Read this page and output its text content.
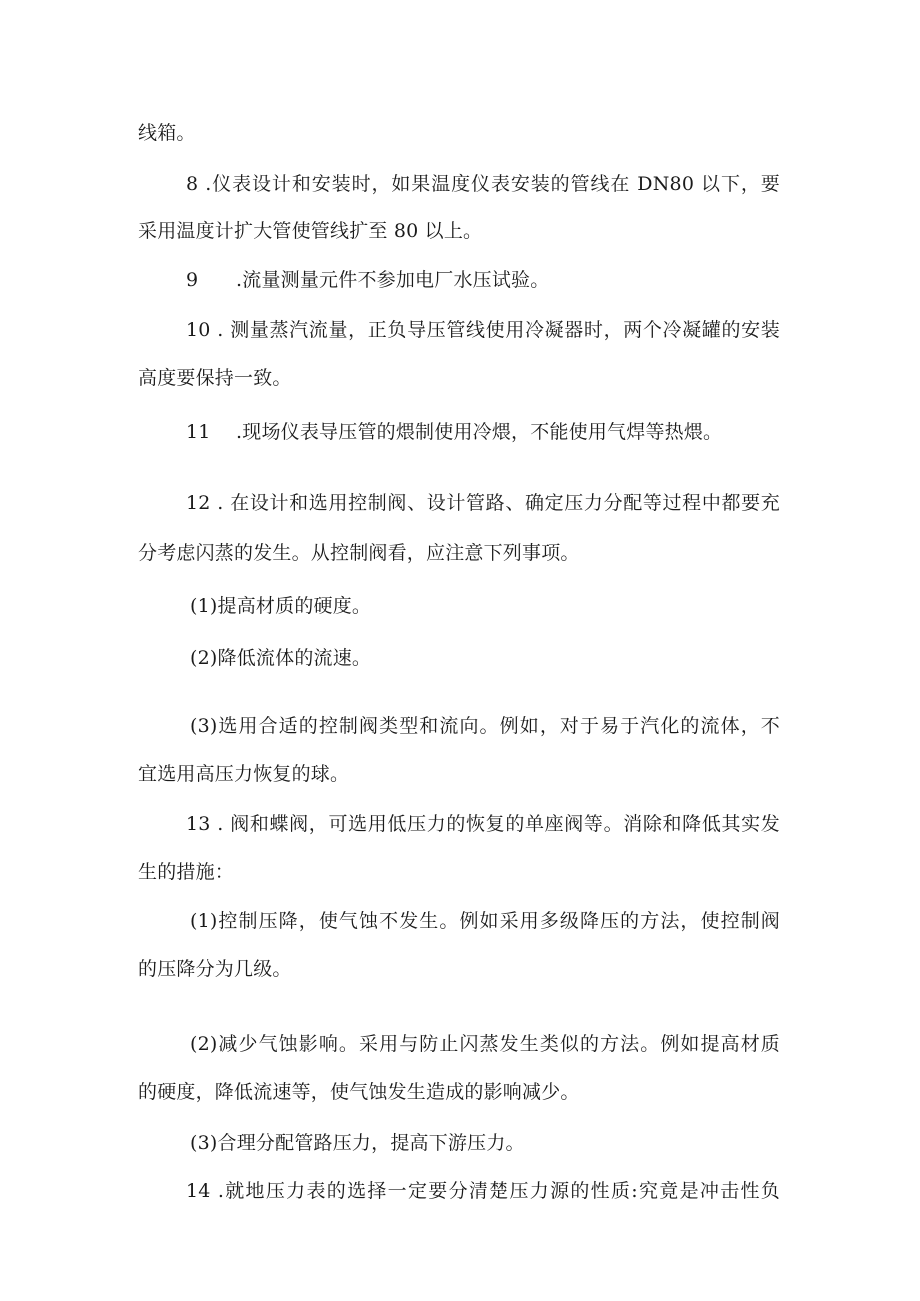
线箱。
8 .仪表设计和安装时，如果温度仪表安装的管线在 DN80 以下，要
采用温度计扩大管使管线扩至 80 以上。
9 .流量测量元件不参加电厂水压试验。
10 . 测量蒸汽流量，正负导压管线使用冷凝器时，两个冷凝罐的安装
高度要保持一致。
11 .现场仪表导压管的煨制使用冷煨，不能使用气焊等热煨。
12 . 在设计和选用控制阀、设计管路、确定压力分配等过程中都要充
分考虑闪蒸的发生。从控制阀看，应注意下列事项。
(1)提高材质的硬度。
(2)降低流体的流速。
(3)选用合适的控制阀类型和流向。例如，对于易于汽化的流体，不
宜选用高压力恢复的球。
13 . 阀和蝶阀，可选用低压力的恢复的单座阀等。消除和降低其实发
生的措施：
(1)控制压降，使气蚀不发生。例如采用多级降压的方法，使控制阀
的压降分为几级。
(2)减少气蚀影响。采用与防止闪蒸发生类似的方法。例如提高材质
的硬度，降低流速等，使气蚀发生造成的影响减少。
(3)合理分配管路压力，提高下游压力。
14 .就地压力表的选择一定要分清楚压力源的性质:究竟是冲击性负
